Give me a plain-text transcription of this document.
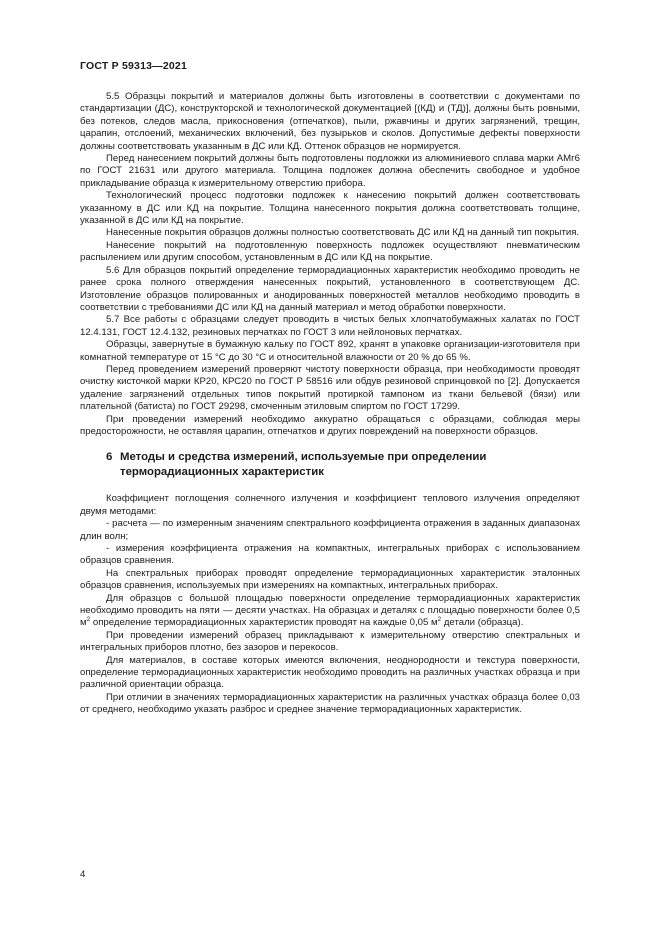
ГОСТ Р 59313—2021

5.5 Образцы покрытий и материалов должны быть изготовлены в соответствии с документами по стандартизации (ДС), конструкторской и технологической документацией [(КД) и (ТД)], должны быть ровными, без потеков, следов масла, прикосновения (отпечатков), пыли, ржавчины и других загрязнений, трещин, царапин, отслоений, механических включений, без пузырьков и сколов. Допустимые дефекты поверхности должны соответствовать указанным в ДС или КД. Оттенок образцов не нормируется.

Перед нанесением покрытий должны быть подготовлены подложки из алюминиевого сплава марки АМг6 по ГОСТ 21631 или другого материала. Толщина подложек должна обеспечить свободное и удобное прикладывание образца к измерительному отверстию прибора.

Технологический процесс подготовки подложек к нанесению покрытий должен соответствовать указанному в ДС или КД на покрытие. Толщина нанесенного покрытия должна соответствовать толщине, указанной в ДС или КД на покрытие.

Нанесенные покрытия образцов должны полностью соответствовать ДС или КД на данный тип покрытия.

Нанесение покрытий на подготовленную поверхность подложек осуществляют пневматическим распылением или другим способом, установленным в ДС или КД на покрытие.

5.6 Для образцов покрытий определение терморадиационных характеристик необходимо проводить не ранее срока полного отверждения нанесенных покрытий, установленного в соответствующем ДС. Изготовление образцов полированных и анодированных поверхностей металлов необходимо проводить в соответствии с требованиями ДС или КД на данный материал и метод обработки поверхности.

5.7 Все работы с образцами следует проводить в чистых белых хлопчатобумажных халатах по ГОСТ 12.4.131, ГОСТ 12.4.132, резиновых перчатках по ГОСТ 3 или нейлоновых перчатках.

Образцы, завернутые в бумажную кальку по ГОСТ 892, хранят в упаковке организации-изготовителя при комнатной температуре от 15 °С до 30 °С и относительной влажности от 20 % до 65 %.

Перед проведением измерений проверяют чистоту поверхности образца, при необходимости проводят очистку кисточкой марки КР20, КРС20 по ГОСТ Р 58516 или обдув резиновой спринцовкой по [2]. Допускается удаление загрязнений отдельных типов покрытий протиркой тампоном из ткани бельевой (бязи) или плательной (батиста) по ГОСТ 29298, смоченным этиловым спиртом по ГОСТ 17299.

При проведении измерений необходимо аккуратно обращаться с образцами, соблюдая меры предосторожности, не оставляя царапин, отпечатков и других повреждений на поверхности образцов.

6 Методы и средства измерений, используемые при определении
терморадиационных характеристик

Коэффициент поглощения солнечного излучения и коэффициент теплового излучения определяют двумя методами:

- расчета — по измеренным значениям спектрального коэффициента отражения в заданных диапазонах длин волн;

- измерения коэффициента отражения на компактных, интегральных приборах с использованием образцов сравнения.

На спектральных приборах проводят определение терморадиационных характеристик эталонных образцов сравнения, используемых при измерениях на компактных, интегральных приборах.

Для образцов с большой площадью поверхности определение терморадиационных характеристик необходимо проводить на пяти — десяти участках. На образцах и деталях с площадью поверхности более 0,5 $м^2$ определение терморадиационных характеристик проводят на каждые 0,05 $м^2$ детали (образца).

При проведении измерений образец прикладывают к измерительному отверстию спектральных и интегральных приборов плотно, без зазоров и перекосов.

Для материалов, в составе которых имеются включения, неоднородности и текстура поверхности, определение терморадиационных характеристик необходимо проводить на различных участках образца и при различной ориентации образца.

При отличии в значениях терморадиационных характеристик на различных участках образца более 0,03 от среднего, необходимо указать разброс и среднее значение терморадиационных характеристик.

4
